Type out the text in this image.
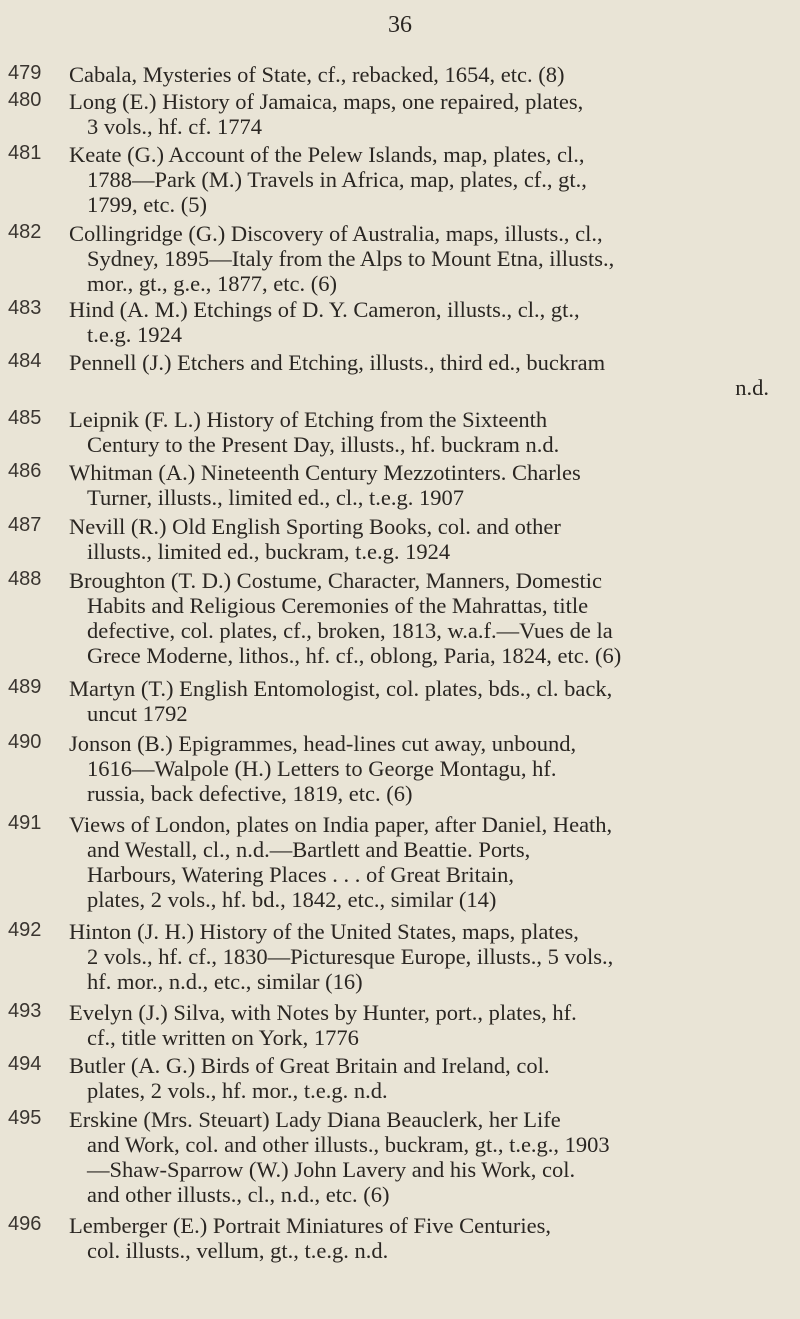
36
479	Cabala, Mysteries of State, cf., rebacked, 1654, etc. (8)
480	Long (E.) History of Jamaica, maps, one repaired, plates,
3 vols., hf. cf. 1774
481	Keate (G.) Account of the Pelew Islands, map, plates, cl.,
1788—Park (M.) Travels in Africa, map, plates, cf., gt.,
1799, etc. (5)
482	Collingridge (G.) Discovery of Australia, maps, illusts., cl.,
Sydney, 1895—Italy from the Alps to Mount Etna, illusts.,
mor., gt., g.e., 1877, etc. (6)
483	Hind (A. M.) Etchings of D. Y. Cameron, illusts., cl., gt.,
t.e.g. 1924
484	Pennell (J.) Etchers and Etching, illusts., third ed., buckram
n.d.
485	Leipnik (F. L.) History of Etching from the Sixteenth
Century to the Present Day, illusts., hf. buckram n.d.
486	Whitman (A.) Nineteenth Century Mezzotinters. Charles
Turner, illusts., limited ed., cl., t.e.g. 1907
487	Nevill (R.) Old English Sporting Books, col. and other
illusts., limited ed., buckram, t.e.g. 1924
488	Broughton (T. D.) Costume, Character, Manners, Domestic
Habits and Religious Ceremonies of the Mahrattas, title
defective, col. plates, cf., broken, 1813, w.a.f.—Vues de la
Grece Moderne, lithos., hf. cf., oblong, Paria, 1824, etc. (6)
489	Martyn (T.) English Entomologist, col. plates, bds., cl. back,
uncut 1792
490	Jonson (B.) Epigrammes, head-lines cut away, unbound,
1616—Walpole (H.) Letters to George Montagu, hf.
russia, back defective, 1819, etc. (6)
491	Views of London, plates on India paper, after Daniel, Heath,
and Westall, cl., n.d.—Bartlett and Beattie. Ports,
Harbours, Watering Places . . . of Great Britain,
plates, 2 vols., hf. bd., 1842, etc., similar (14)
492	Hinton (J. H.) History of the United States, maps, plates,
2 vols., hf. cf., 1830—Picturesque Europe, illusts., 5 vols.,
hf. mor., n.d., etc., similar (16)
493	Evelyn (J.) Silva, with Notes by Hunter, port., plates, hf.
cf., title written on York, 1776
494	Butler (A. G.) Birds of Great Britain and Ireland, col.
plates, 2 vols., hf. mor., t.e.g. n.d.
495	Erskine (Mrs. Steuart) Lady Diana Beauclerk, her Life
and Work, col. and other illusts., buckram, gt., t.e.g., 1903
—Shaw-Sparrow (W.) John Lavery and his Work, col.
and other illusts., cl., n.d., etc. (6)
496	Lemberger (E.) Portrait Miniatures of Five Centuries,
col. illusts., vellum, gt., t.e.g. n.d.
